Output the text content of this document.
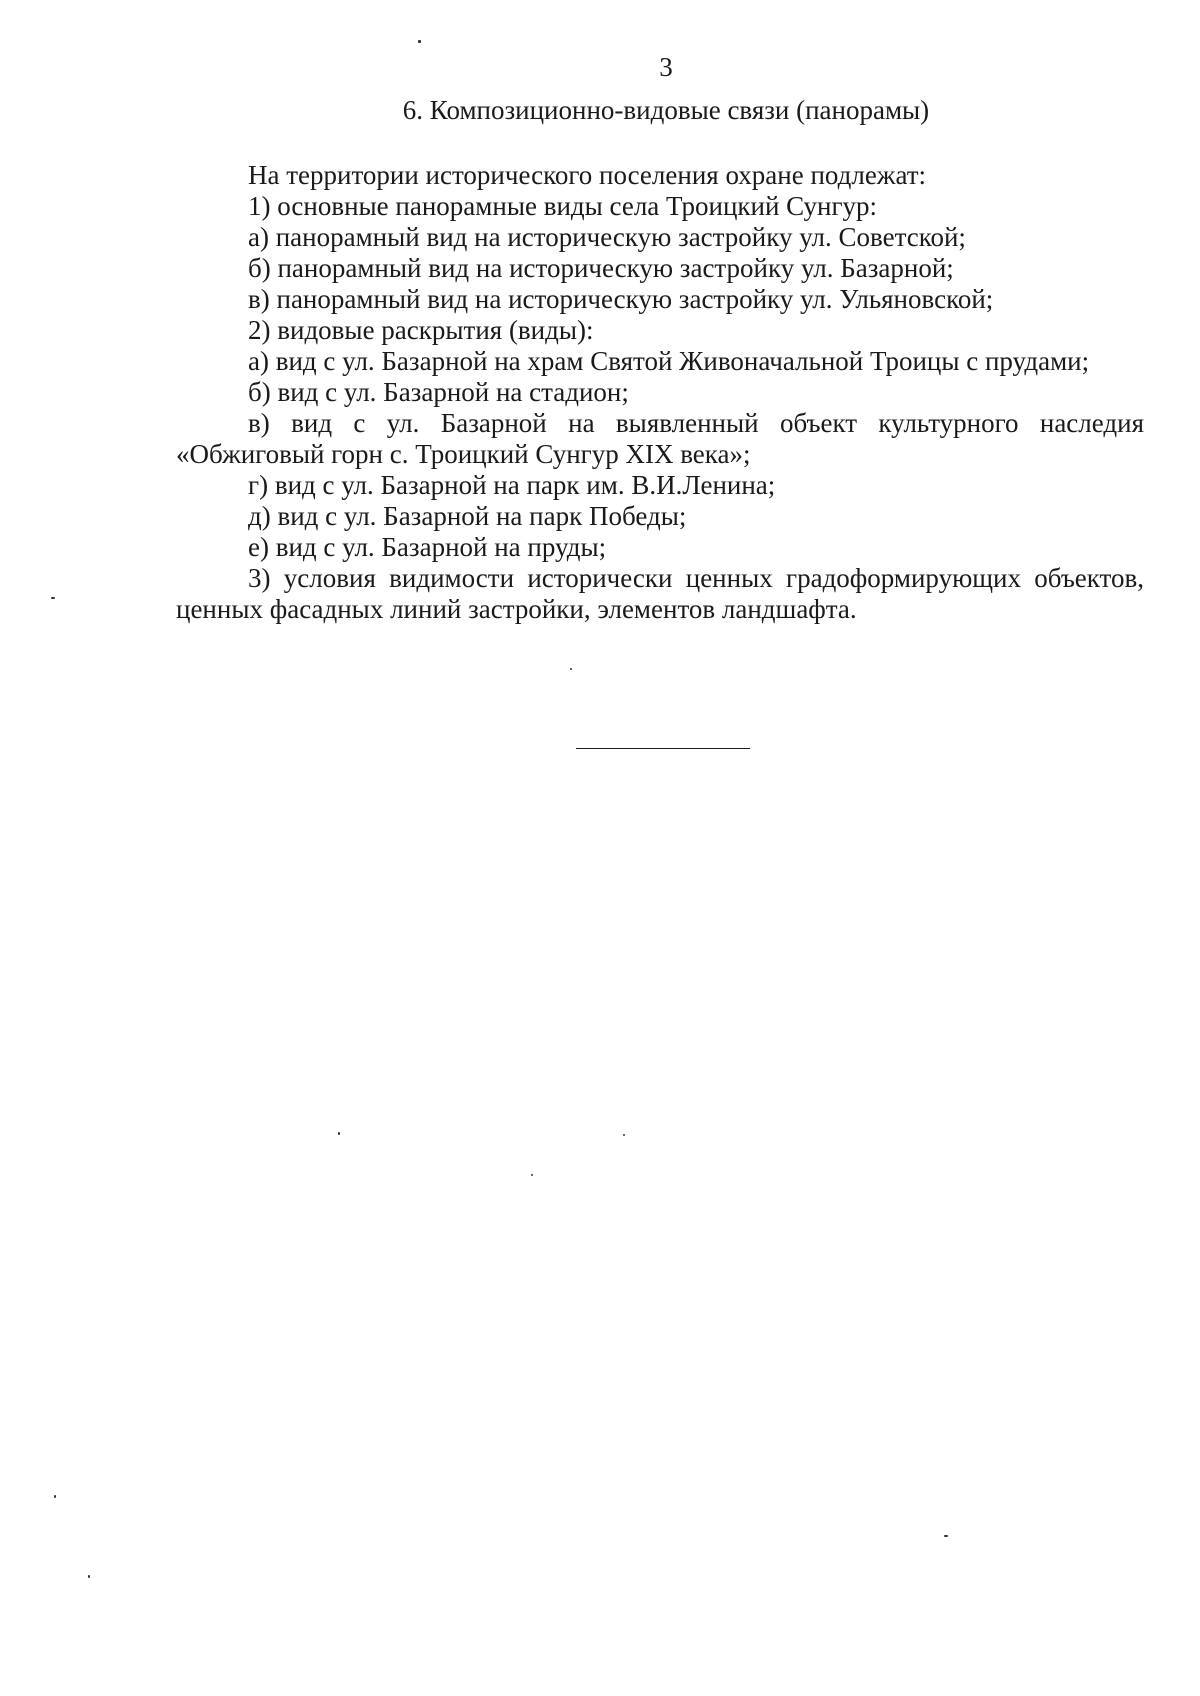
3
6. Композиционно-видовые связи (панорамы)

На территории исторического поселения охране подлежат:

1) основные панорамные виды села Троицкий Сунгур:

а) панорамный вид на историческую застройку ул. Советской;

б) панорамный вид на историческую застройку ул. Базарной;

в) панорамный вид на историческую застройку ул. Ульяновской;

2) видовые раскрытия (виды):

а) вид с ул. Базарной на храм Святой Живоначальной Троицы с прудами;

б) вид с ул. Базарной на стадион;

в) вид с ул. Базарной на выявленный объект культурного наследия «Обжиговый горн с. Троицкий Сунгур XIX века»;

г) вид с ул. Базарной на парк им. В.И.Ленина;

д) вид с ул. Базарной на парк Победы;

е) вид с ул. Базарной на пруды;

3) условия видимости исторически ценных градоформирующих объектов, ценных фасадных линий застройки, элементов ландшафта.
